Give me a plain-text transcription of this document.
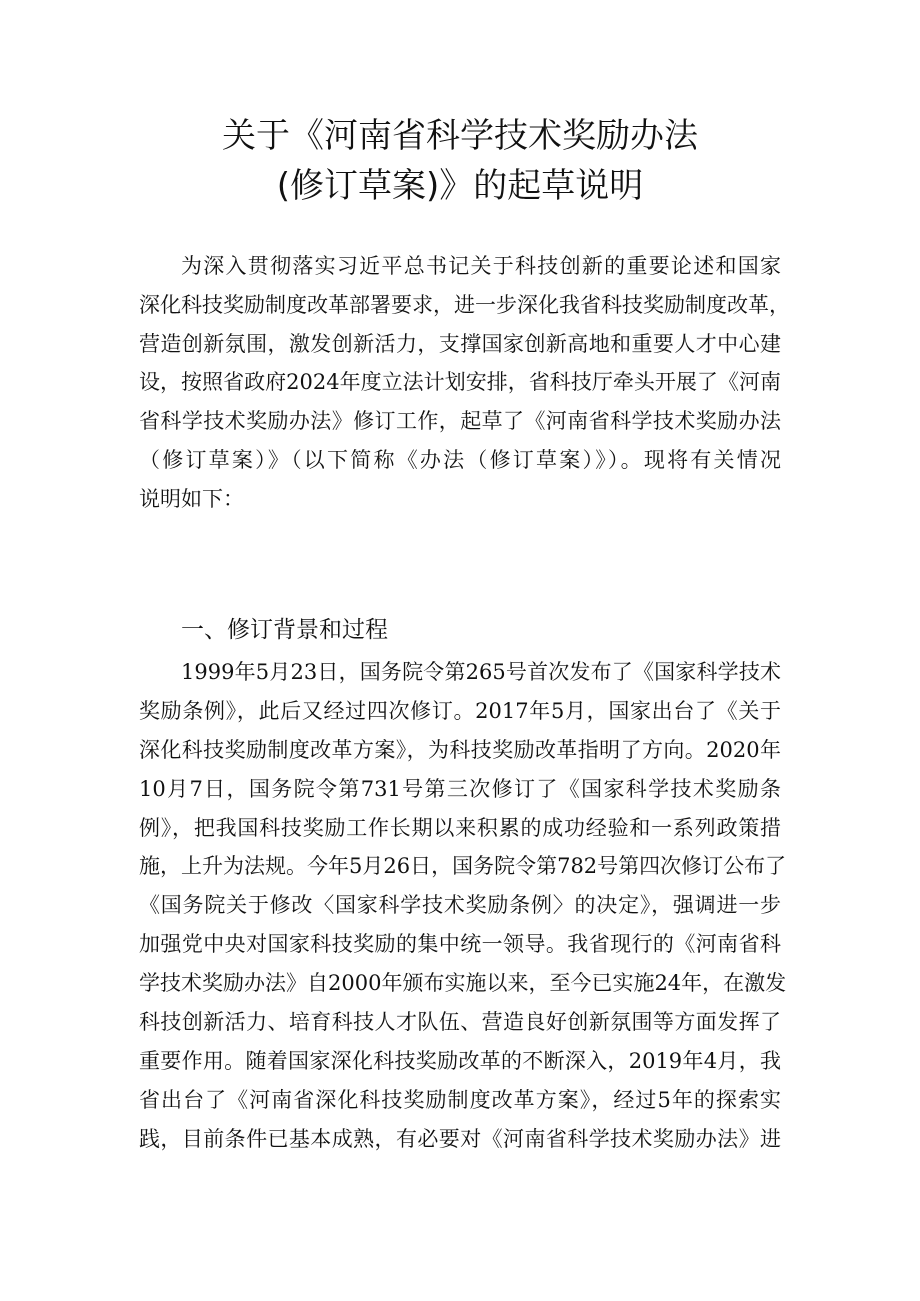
关于《河南省科学技术奖励办法
(修订草案)》的起草说明
为深入贯彻落实习近平总书记关于科技创新的重要论述和国家
深化科技奖励制度改革部署要求，进一步深化我省科技奖励制度改革，
营造创新氛围，激发创新活力，支撑国家创新高地和重要人才中心建
设，按照省政府2024年度立法计划安排，省科技厅牵头开展了《河南
省科学技术奖励办法》修订工作，起草了《河南省科学技术奖励办法
（修订草案）》（以下简称《办法（修订草案）》）。现将有关情况
说明如下：
一、修订背景和过程
1999年5月23日，国务院令第265号首次发布了《国家科学技术
奖励条例》，此后又经过四次修订。2017年5月，国家出台了《关于
深化科技奖励制度改革方案》，为科技奖励改革指明了方向。2020年
10月7日，国务院令第731号第三次修订了《国家科学技术奖励条
例》，把我国科技奖励工作长期以来积累的成功经验和一系列政策措
施，上升为法规。今年5月26日，国务院令第782号第四次修订公布了
《国务院关于修改〈国家科学技术奖励条例〉的决定》，强调进一步
加强党中央对国家科技奖励的集中统一领导。我省现行的《河南省科
学技术奖励办法》自2000年颁布实施以来，至今已实施24年，在激发
科技创新活力、培育科技人才队伍、营造良好创新氛围等方面发挥了
重要作用。随着国家深化科技奖励改革的不断深入，2019年4月，我
省出台了《河南省深化科技奖励制度改革方案》，经过5年的探索实
践，目前条件已基本成熟，有必要对《河南省科学技术奖励办法》进
